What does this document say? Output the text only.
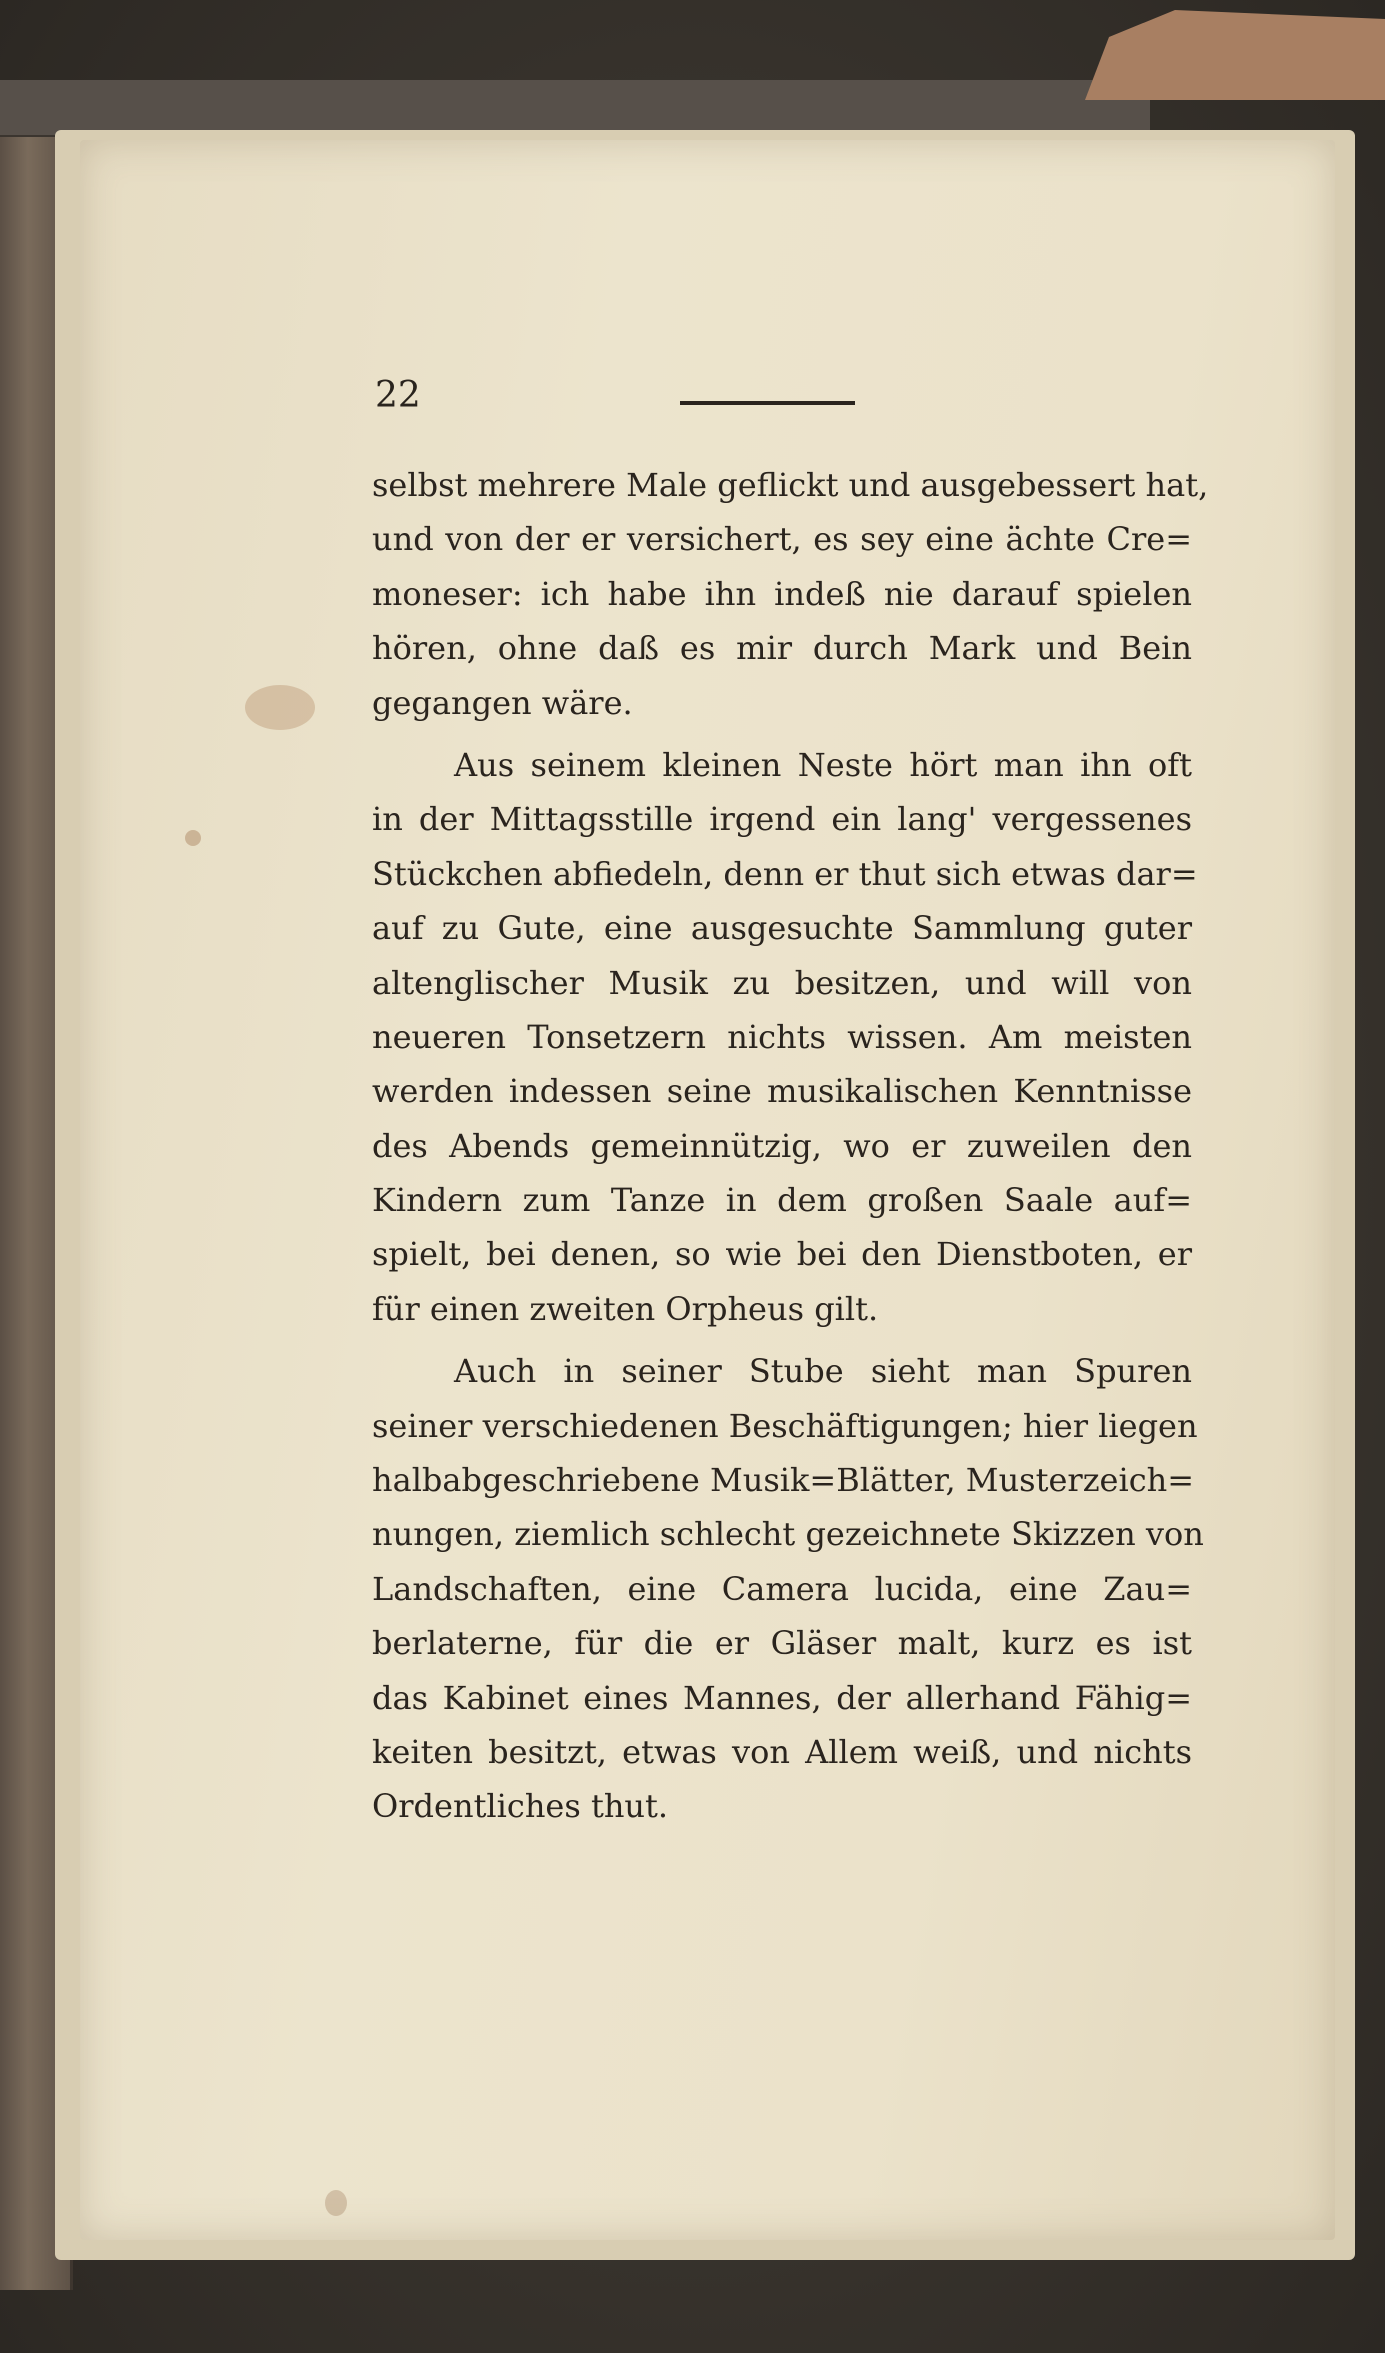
22
selbst mehrere Male geflickt und ausgebessert hat,
und von der er versichert, es sey eine ächte Cre=
moneser: ich habe ihn indeß nie darauf spielen
hören, ohne daß es mir durch Mark und Bein
gegangen wäre.
Aus seinem kleinen Neste hört man ihn oft
in der Mittagsstille irgend ein lang' vergessenes
Stückchen abfiedeln, denn er thut sich etwas dar=
auf zu Gute, eine ausgesuchte Sammlung guter
altenglischer Musik zu besitzen, und will von
neueren Tonsetzern nichts wissen. Am meisten
werden indessen seine musikalischen Kenntnisse
des Abends gemeinnützig, wo er zuweilen den
Kindern zum Tanze in dem großen Saale auf=
spielt, bei denen, so wie bei den Dienstboten, er
für einen zweiten Orpheus gilt.
Auch in seiner Stube sieht man Spuren
seiner verschiedenen Beschäftigungen; hier liegen
halbabgeschriebene Musik=Blätter, Musterzeich=
nungen, ziemlich schlecht gezeichnete Skizzen von
Landschaften, eine Camera lucida, eine Zau=
berlaterne, für die er Gläser malt, kurz es ist
das Kabinet eines Mannes, der allerhand Fähig=
keiten besitzt, etwas von Allem weiß, und nichts
Ordentliches thut.
